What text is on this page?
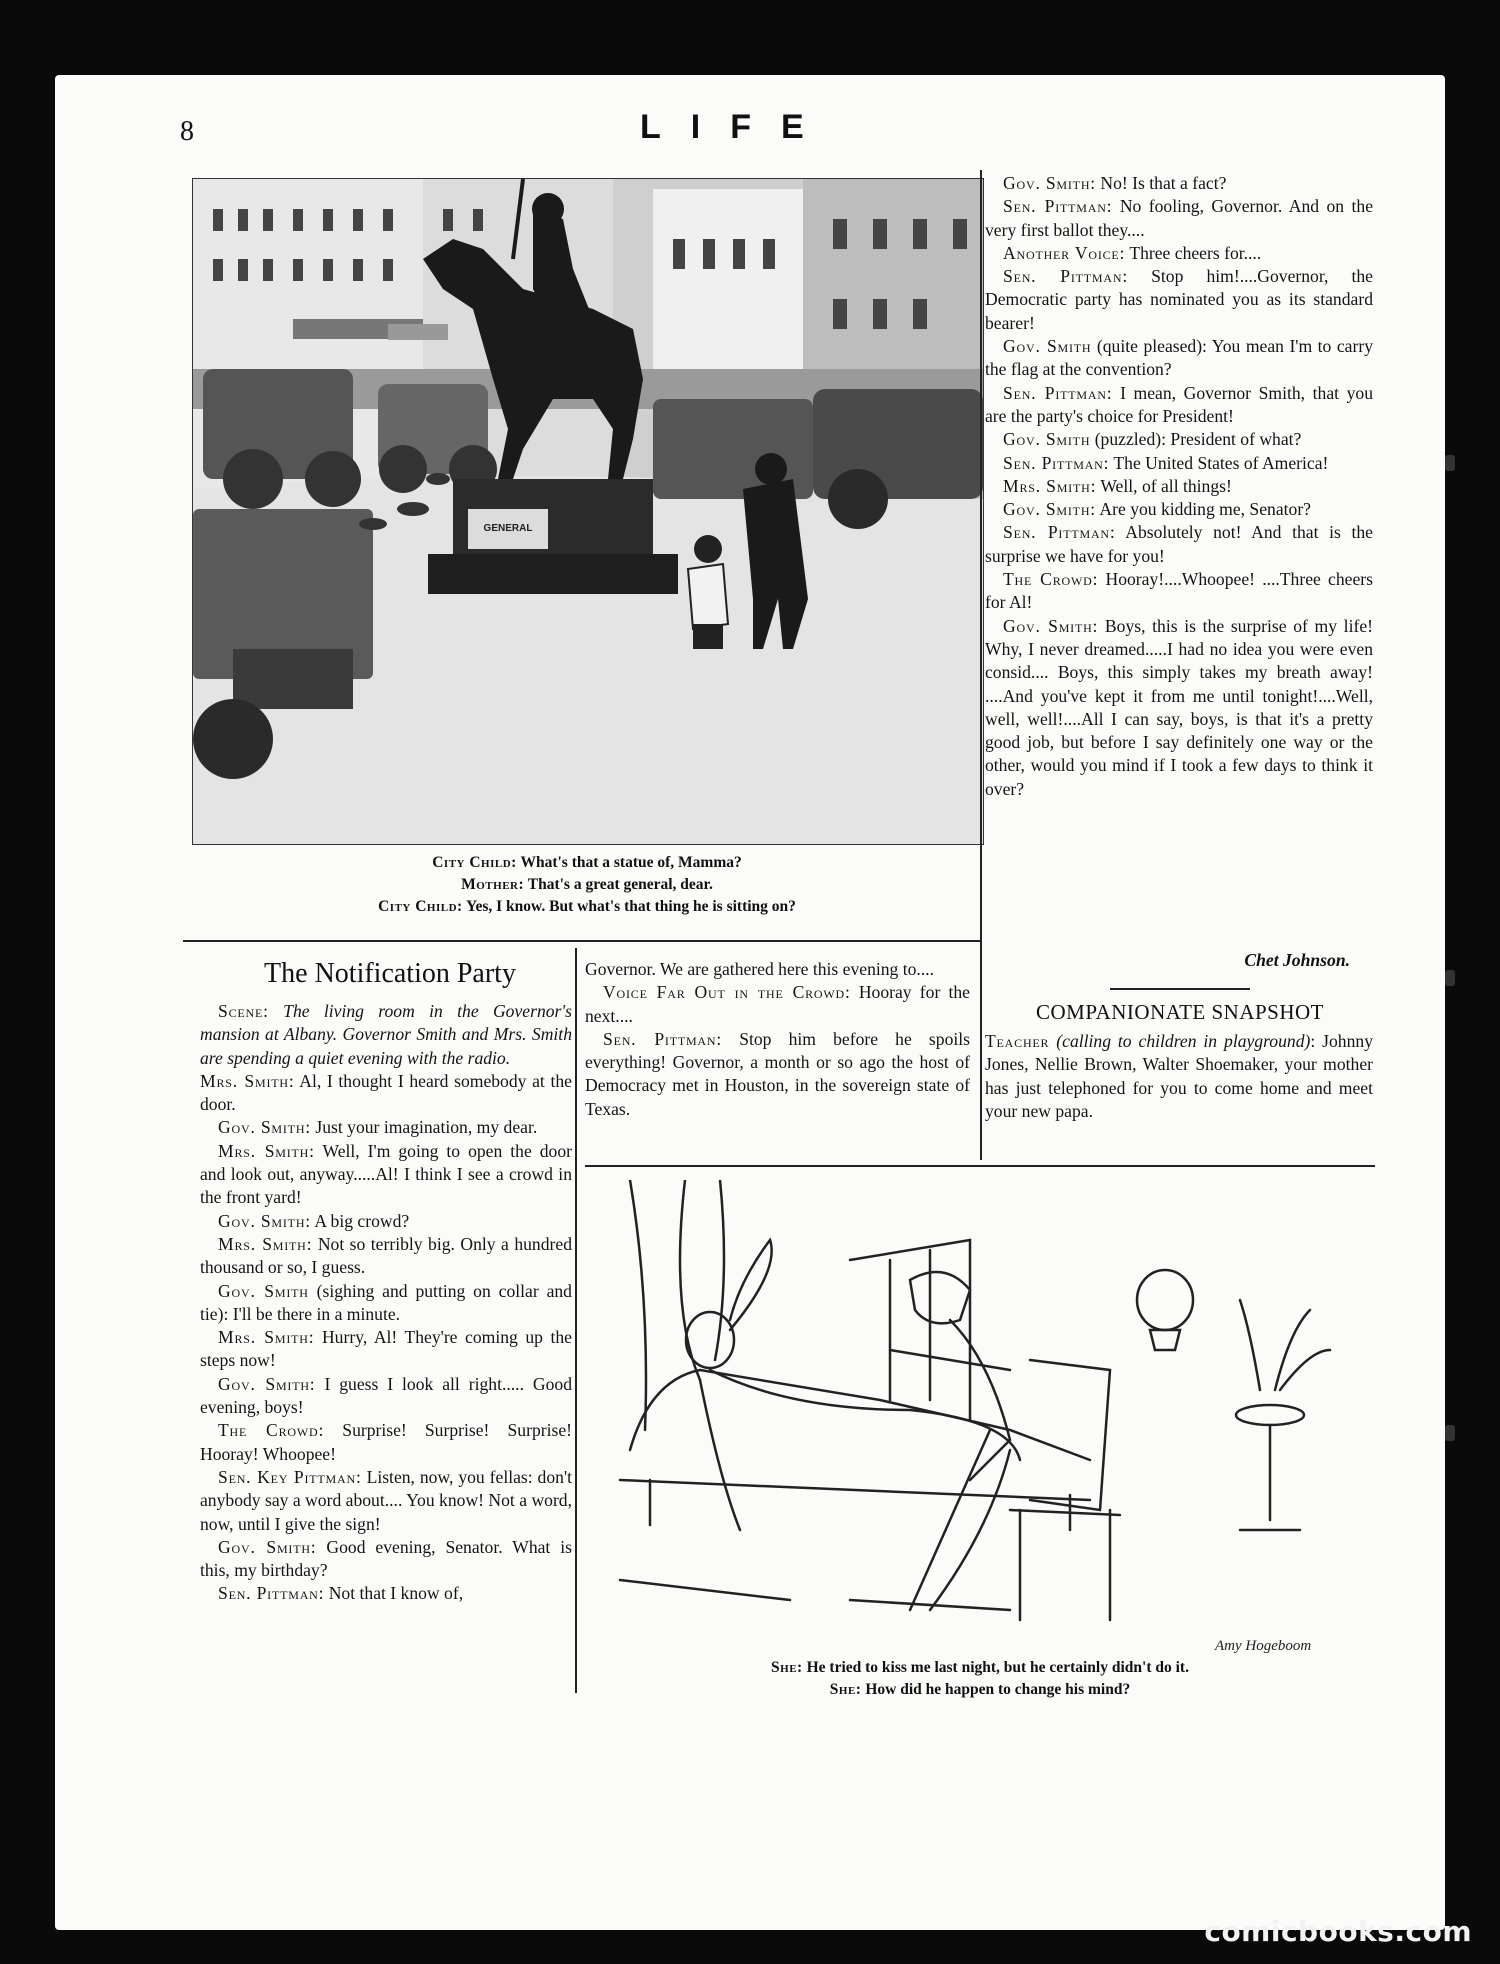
8	LIFE
GENERAL
City Child: What's that a statue of, Mamma?
Mother: That's a great general, dear.
City Child: Yes, I know. But what's that thing he is sitting on?
The Notification Party

Scene: The living room in the Governor's mansion at Albany. Governor Smith and Mrs. Smith are spending a quiet evening with the radio.

Mrs. Smith: Al, I thought I heard somebody at the door.

Gov. Smith: Just your imagination, my dear.

Mrs. Smith: Well, I'm going to open the door and look out, anyway.....Al! I think I see a crowd in the front yard!

Gov. Smith: A big crowd?

Mrs. Smith: Not so terribly big. Only a hundred thousand or so, I guess.

Gov. Smith (sighing and putting on collar and tie): I'll be there in a minute.

Mrs. Smith: Hurry, Al! They're coming up the steps now!

Gov. Smith: I guess I look all right..... Good evening, boys!

The Crowd: Surprise! Surprise! Surprise! Hooray! Whoopee!

Sen. Key Pittman: Listen, now, you fellas: don't anybody say a word about.... You know! Not a word, now, until I give the sign!

Gov. Smith: Good evening, Senator. What is this, my birthday?

Sen. Pittman: Not that I know of,

Governor. We are gathered here this evening to....

Voice Far Out in the Crowd: Hooray for the next....

Sen. Pittman: Stop him before he spoils everything! Governor, a month or so ago the host of Democracy met in Houston, in the sovereign state of Texas.

Gov. Smith: No! Is that a fact?

Sen. Pittman: No fooling, Governor. And on the very first ballot they....

Another Voice: Three cheers for....

Sen. Pittman: Stop him!....Governor, the Democratic party has nominated you as its standard bearer!

Gov. Smith (quite pleased): You mean I'm to carry the flag at the convention?

Sen. Pittman: I mean, Governor Smith, that you are the party's choice for President!

Gov. Smith (puzzled): President of what?

Sen. Pittman: The United States of America!

Mrs. Smith: Well, of all things!

Gov. Smith: Are you kidding me, Senator?

Sen. Pittman: Absolutely not! And that is the surprise we have for you!

The Crowd: Hooray!....Whoopee! ....Three cheers for Al!

Gov. Smith: Boys, this is the surprise of my life! Why, I never dreamed.....I had no idea you were even consid.... Boys, this simply takes my breath away! ....And you've kept it from me until tonight!....Well, well, well!....All I can say, boys, is that it's a pretty good job, but before I say definitely one way or the other, would you mind if I took a few days to think it over?

Chet Johnson.
COMPANIONATE SNAPSHOT

Teacher (calling to children in playground): Johnny Jones, Nellie Brown, Walter Shoemaker, your mother has just telephoned for you to come home and meet your new papa.

Amy Hogeboom
She: He tried to kiss me last night, but he certainly didn't do it.
She: How did he happen to change his mind?
comicbooks.com
